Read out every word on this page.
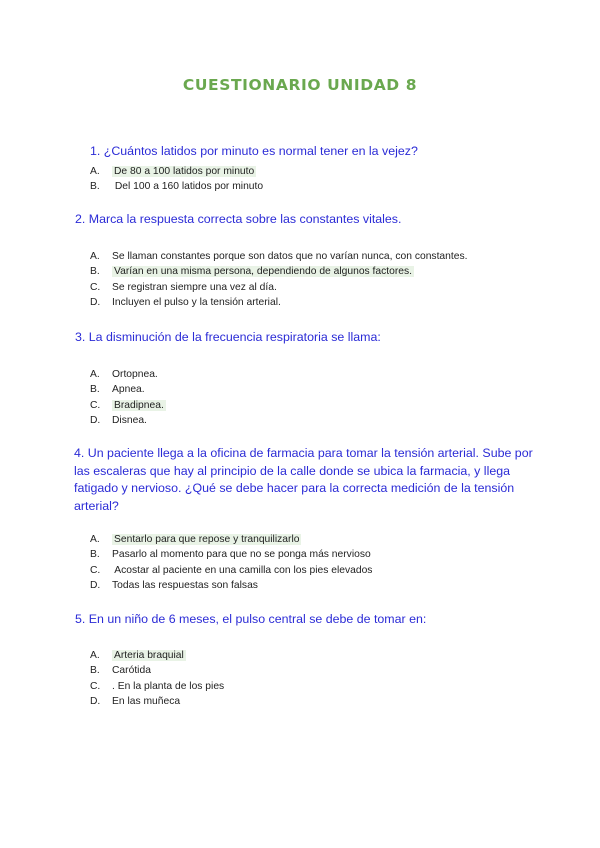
CUESTIONARIO UNIDAD 8

1. ¿Cuántos latidos por minuto es normal tener en la vejez?

A. De 80 a 100 latidos por minuto
B. Del 100 a 160 latidos por minuto

2. Marca la respuesta correcta sobre las constantes vitales.

A. Se llaman constantes porque son datos que no varían nunca, con constantes.
B. Varían en una misma persona, dependiendo de algunos factores.
C. Se registran siempre una vez al día.
D. Incluyen el pulso y la tensión arterial.

3. La disminución de la frecuencia respiratoria se llama:

A. Ortopnea.
B. Apnea.
C. Bradipnea.
D. Disnea.

4. Un paciente llega a la oficina de farmacia para tomar la tensión arterial. Sube por las escaleras que hay al principio de la calle donde se ubica la farmacia, y llega fatigado y nervioso. ¿Qué se debe hacer para la correcta medición de la tensión arterial?

A. Sentarlo para que repose y tranquilizarlo
B. Pasarlo al momento para que no se ponga más nervioso
C. Acostar al paciente en una camilla con los pies elevados
D. Todas las respuestas son falsas

5. En un niño de 6 meses, el pulso central se debe de tomar en:

A. Arteria braquial
B. Carótida
C. . En la planta de los pies
D. En las muñeca
